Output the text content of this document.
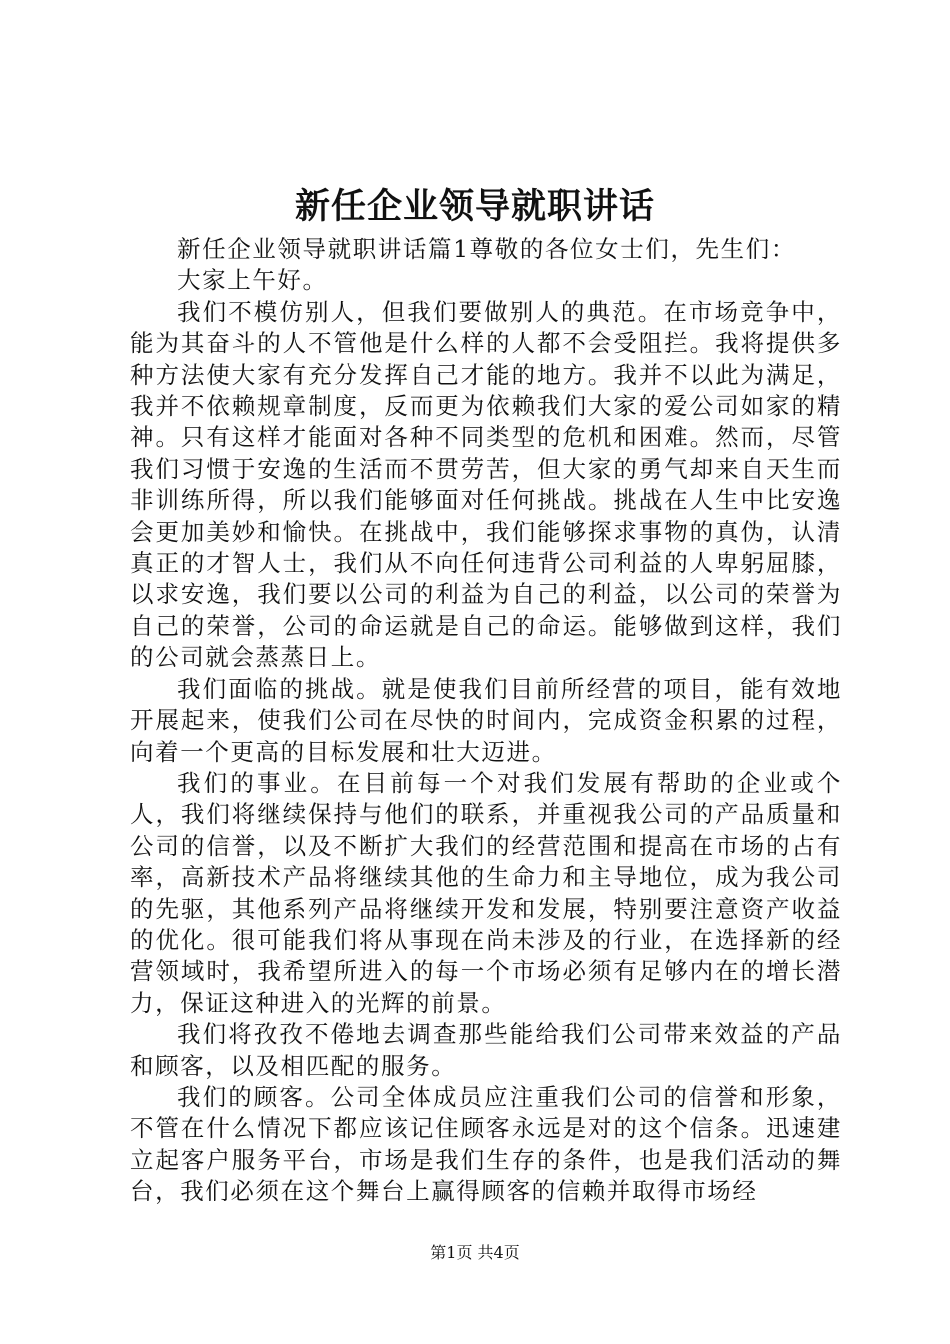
新任企业领导就职讲话

新任企业领导就职讲话篇1尊敬的各位女士们，先生们：

大家上午好。

我们不模仿别人，但我们要做别人的典范。在市场竞争中，能为其奋斗的人不管他是什么样的人都不会受阻拦。我将提供多种方法使大家有充分发挥自己才能的地方。我并不以此为满足，我并不依赖规章制度，反而更为依赖我们大家的爱公司如家的精神。只有这样才能面对各种不同类型的危机和困难。然而，尽管我们习惯于安逸的生活而不贯劳苦，但大家的勇气却来自天生而非训练所得，所以我们能够面对任何挑战。挑战在人生中比安逸会更加美妙和愉快。在挑战中，我们能够探求事物的真伪，认清真正的才智人士，我们从不向任何违背公司利益的人卑躬屈膝，以求安逸，我们要以公司的利益为自己的利益，以公司的荣誉为自己的荣誉，公司的命运就是自己的命运。能够做到这样，我们的公司就会蒸蒸日上。

我们面临的挑战。就是使我们目前所经营的项目，能有效地开展起来，使我们公司在尽快的时间内，完成资金积累的过程，向着一个更高的目标发展和壮大迈进。

我们的事业。在目前每一个对我们发展有帮助的企业或个人，我们将继续保持与他们的联系，并重视我公司的产品质量和公司的信誉，以及不断扩大我们的经营范围和提高在市场的占有率，高新技术产品将继续其他的生命力和主导地位，成为我公司的先驱，其他系列产品将继续开发和发展，特别要注意资产收益的优化。很可能我们将从事现在尚未涉及的行业，在选择新的经营领域时，我希望所进入的每一个市场必须有足够内在的增长潜力，保证这种进入的光辉的前景。

我们将孜孜不倦地去调查那些能给我们公司带来效益的产品和顾客，以及相匹配的服务。

我们的顾客。公司全体成员应注重我们公司的信誉和形象，不管在什么情况下都应该记住顾客永远是对的这个信条。迅速建立起客户服务平台，市场是我们生存的条件，也是我们活动的舞台，我们必须在这个舞台上赢得顾客的信赖并取得市场经

第1页 共4页
